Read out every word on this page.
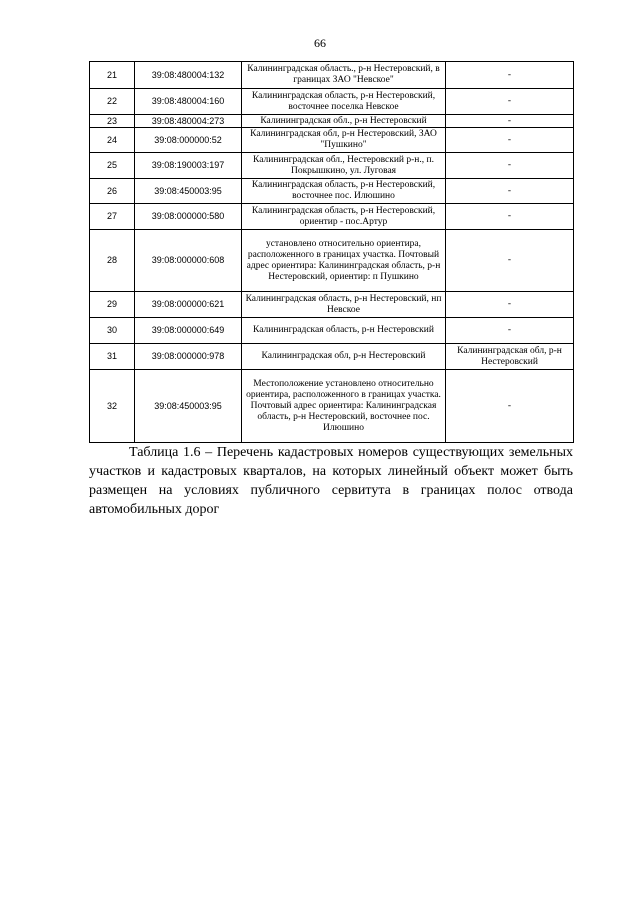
66
21	39:08:480004:132	Калининградская область., р-н Нестеровский, в границах ЗАО "Невское"	-
22	39:08:480004:160	Калининградская область, р-н Нестеровский, восточнее поселка Невское	-
23	39:08:480004:273	Калининградская обл., р-н Нестеровский	-
24	39:08:000000:52	Калининградская обл, р-н Нестеровский, ЗАО "Пушкино"	-
25	39:08:190003:197	Калининградская обл., Нестеровский р-н., п. Покрышкино, ул. Луговая	-
26	39:08:450003:95	Калининградская область, р-н Нестеровский, восточнее пос. Илюшино	-
27	39:08:000000:580	Калининградская область, р-н Нестеровский, ориентир - пос.Артур	-
28	39:08:000000:608	установлено относительно ориентира, расположенного в границах участка. Почтовый адрес ориентира: Калининградская область, р-н Нестеровский, ориентир: п Пушкино	-
29	39:08:000000:621	Калининградская область, р-н Нестеровский, нп Невское	-
30	39:08:000000:649	Калининградская область, р-н Нестеровский	-
31	39:08:000000:978	Калининградская обл, р-н Нестеровский	Калининградская обл, р-н Нестеровский
32	39:08:450003:95	Местоположение установлено относительно ориентира, расположенного в границах участка. Почтовый адрес ориентира: Калининградская область, р-н Нестеровский, восточнее пос. Илюшино	-
Таблица 1.6 – Перечень кадастровых номеров существующих земельных участков и кадастровых кварталов, на которых линейный объект может быть размещен на условиях публичного сервитута в границах полос отвода автомобильных дорог
